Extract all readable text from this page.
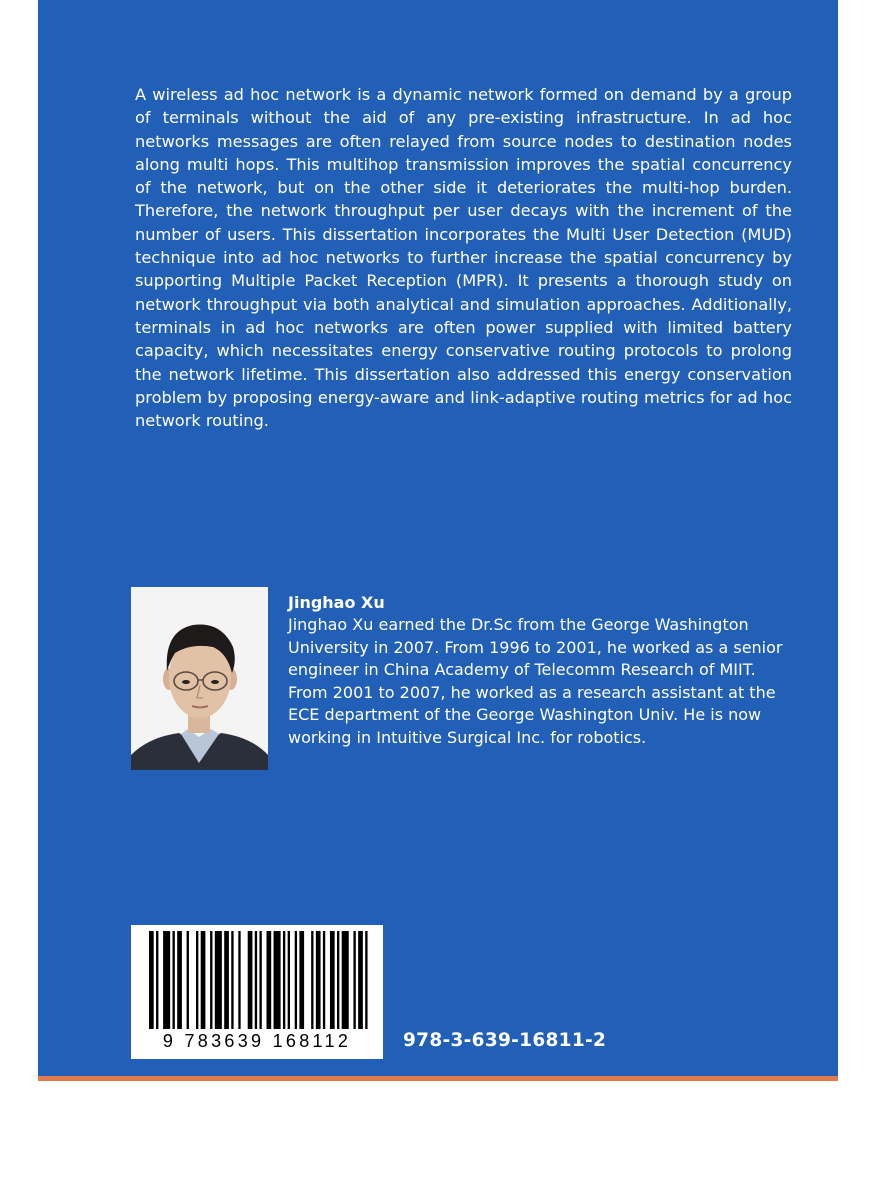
A wireless ad hoc network is a dynamic network formed on demand by a group of terminals without the aid of any pre-existing infrastructure. In ad hoc networks messages are often relayed from source nodes to destination nodes along multi hops. This multihop transmission improves the spatial concurrency of the network, but on the other side it deteriorates the multi-hop burden. Therefore, the network throughput per user decays with the increment of the number of users. This dissertation incorporates the Multi User Detection (MUD) technique into ad hoc networks to further increase the spatial concurrency by supporting Multiple Packet Reception (MPR). It presents a thorough study on network throughput via both analytical and simulation approaches. Additionally, terminals in ad hoc networks are often power supplied with limited battery capacity, which necessitates energy conservative routing protocols to prolong the network lifetime. This dissertation also addressed this energy conservation problem by proposing energy-aware and link-adaptive routing metrics for ad hoc network routing.

Jinghao Xu

Jinghao Xu earned the Dr.Sc from the George Washington University in 2007. From 1996 to 2001, he worked as a senior engineer in China Academy of Telecomm Research of MIIT. From 2001 to 2007, he worked as a research assistant at the ECE department of the George Washington Univ. He is now working in Intuitive Surgical Inc. for robotics.

9 783639 168112	978-3-639-16811-2
